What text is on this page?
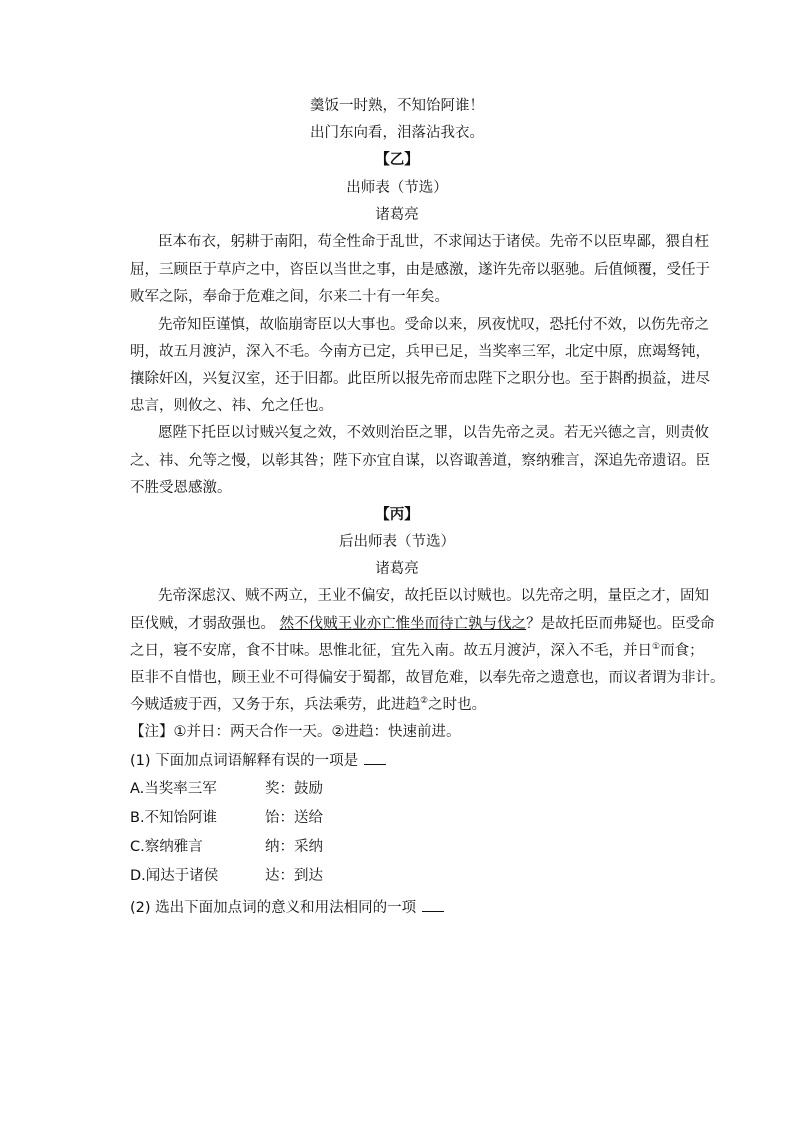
羹饭一时熟，不知饴阿谁！
出门东向看，泪落沾我衣。
【乙】
出师表（节选）
诸葛亮
臣本布衣，躬耕于南阳，苟全性命于乱世，不求闻达于诸侯。先帝不以臣卑鄙，猥自枉
屈，三顾臣于草庐之中，咨臣以当世之事，由是感激，遂许先帝以驱驰。后值倾覆，受任于
败军之际，奉命于危难之间，尔来二十有一年矣。
先帝知臣谨慎，故临崩寄臣以大事也。受命以来，夙夜忧叹，恐托付不效，以伤先帝之
明，故五月渡泸，深入不毛。今南方已定，兵甲已足，当奖率三军，北定中原，庶竭驽钝，
攘除奸凶，兴复汉室，还于旧都。此臣所以报先帝而忠陛下之职分也。至于斟酌损益，进尽
忠言，则攸之、祎、允之任也。
愿陛下托臣以讨贼兴复之效，不效则治臣之罪，以告先帝之灵。若无兴德之言，则责攸
之、祎、允等之慢，以彰其咎；陛下亦宜自谋，以咨诹善道，察纳雅言，深追先帝遗诏。臣
不胜受恩感激。
【丙】
后出师表（节选）
诸葛亮
先帝深虑汉、贼不两立，王业不偏安，故托臣以讨贼也。以先帝之明，量臣之才，固知
臣伐贼，才弱敌强也。 然不伐贼王业亦亡惟坐而待亡孰与伐之？是故托臣而弗疑也。臣受命
之日，寝不安席，食不甘味。思惟北征，宜先入南。故五月渡泸，深入不毛，并日①而食；
臣非不自惜也，顾王业不可得偏安于蜀都，故冒危难，以奉先帝之遗意也，而议者谓为非计。
今贼适疲于西，又务于东，兵法乘劳，此进趋②之时也。
【注】①并日：两天合作一天。②进趋：快速前进。
(1) 下面加点词语解释有误的一项是
A.当奖率三军	奖：鼓励
B.不知饴阿谁	饴：送给
C.察纳雅言	纳：采纳
D.闻达于诸侯	达：到达
(2) 选出下面加点词的意义和用法相同的一项
